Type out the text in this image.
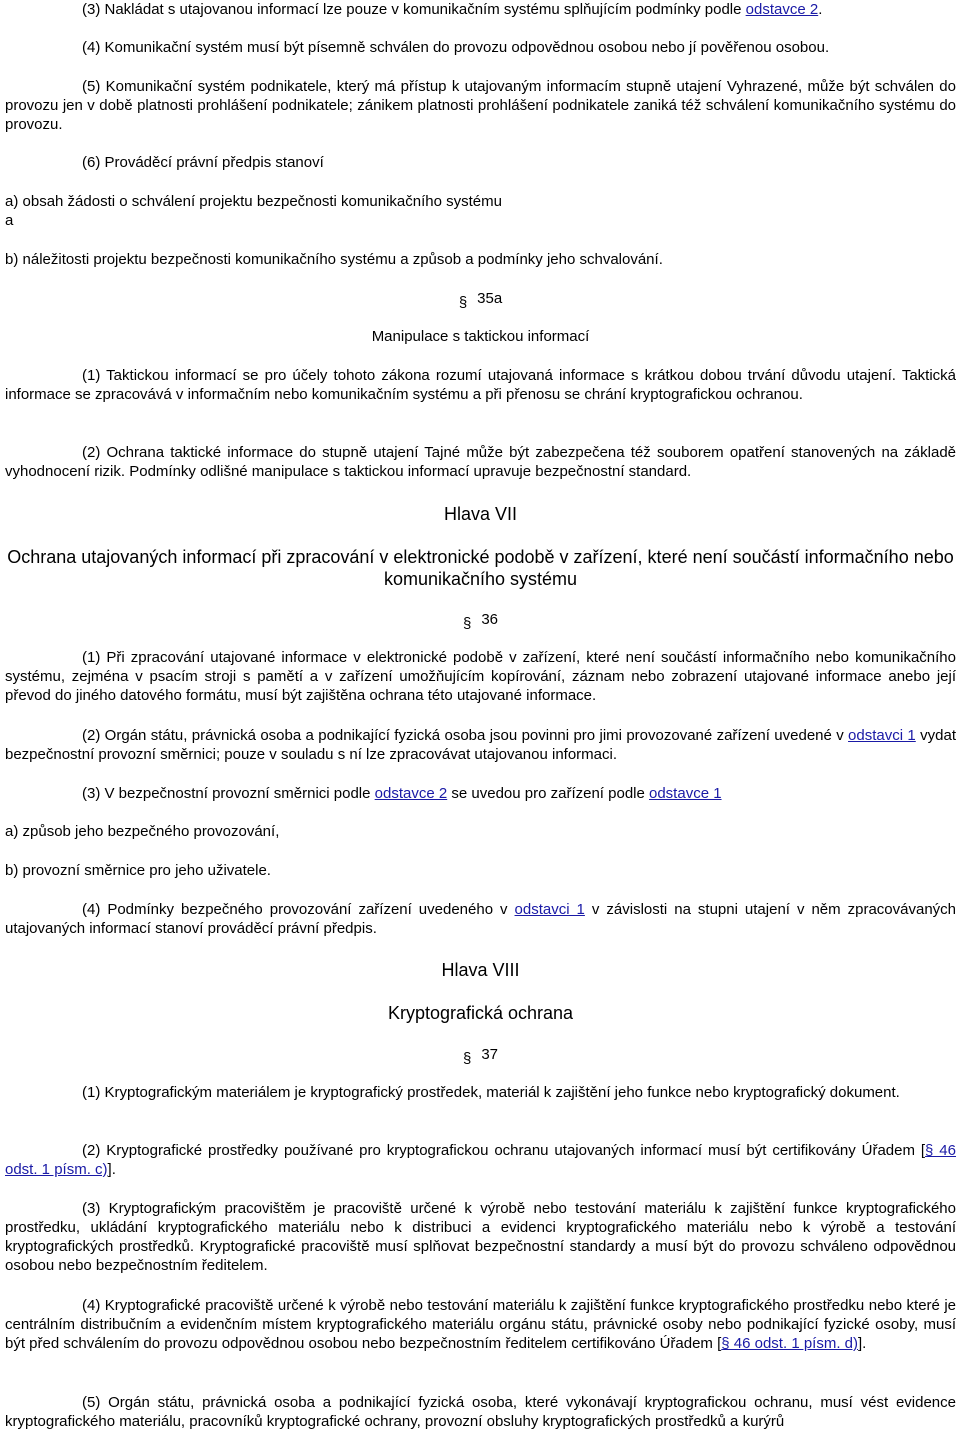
(3) Nakládat s utajovanou informací lze pouze v komunikačním systému splňujícím podmínky podle odstavce 2.

(4) Komunikační systém musí být písemně schválen do provozu odpovědnou osobou nebo jí pověřenou osobou.

(5) Komunikační systém podnikatele, který má přístup k utajovaným informacím stupně utajení Vyhrazené, může být schválen do provozu jen v době platnosti prohlášení podnikatele; zánikem platnosti prohlášení podnikatele zaniká též schválení komunikačního systému do provozu.

(6) Prováděcí právní předpis stanoví

a) obsah žádosti o schválení projektu bezpečnosti komunikačního systému

a

b) náležitosti projektu bezpečnosti komunikačního systému a způsob a podmínky jeho schvalování.

§ 35a

Manipulace s taktickou informací

(1) Taktickou informací se pro účely tohoto zákona rozumí utajovaná informace s krátkou dobou trvání důvodu utajení. Taktická informace se zpracovává v informačním nebo komunikačním systému a při přenosu se chrání kryptografickou ochranou.

(2) Ochrana taktické informace do stupně utajení Tajné může být zabezpečena též souborem opatření stanovených na základě vyhodnocení rizik. Podmínky odlišné manipulace s taktickou informací upravuje bezpečnostní standard.

Hlava VII

Ochrana utajovaných informací při zpracování v elektronické podobě v zařízení, které není součástí informačního nebo komunikačního systému

§ 36

(1) Při zpracování utajované informace v elektronické podobě v zařízení, které není součástí informačního nebo komunikačního systému, zejména v psacím stroji s pamětí a v zařízení umožňujícím kopírování, záznam nebo zobrazení utajované informace anebo její převod do jiného datového formátu, musí být zajištěna ochrana této utajované informace.

(2) Orgán státu, právnická osoba a podnikající fyzická osoba jsou povinni pro jimi provozované zařízení uvedené v odstavci 1 vydat bezpečnostní provozní směrnici; pouze v souladu s ní lze zpracovávat utajovanou informaci.

(3) V bezpečnostní provozní směrnici podle odstavce 2 se uvedou pro zařízení podle odstavce 1

a) způsob jeho bezpečného provozování,

b) provozní směrnice pro jeho uživatele.

(4) Podmínky bezpečného provozování zařízení uvedeného v odstavci 1 v závislosti na stupni utajení v něm zpracovávaných utajovaných informací stanoví prováděcí právní předpis.

Hlava VIII

Kryptografická ochrana

§ 37

(1) Kryptografickým materiálem je kryptografický prostředek, materiál k zajištění jeho funkce nebo kryptografický dokument.

(2) Kryptografické prostředky používané pro kryptografickou ochranu utajovaných informací musí být certifikovány Úřadem [§ 46 odst. 1 písm. c)].

(3) Kryptografickým pracovištěm je pracoviště určené k výrobě nebo testování materiálu k zajištění funkce kryptografického prostředku, ukládání kryptografického materiálu nebo k distribuci a evidenci kryptografického materiálu nebo k výrobě a testování kryptografických prostředků. Kryptografické pracoviště musí splňovat bezpečnostní standardy a musí být do provozu schváleno odpovědnou osobou nebo bezpečnostním ředitelem.

(4) Kryptografické pracoviště určené k výrobě nebo testování materiálu k zajištění funkce kryptografického prostředku nebo které je centrálním distribučním a evidenčním místem kryptografického materiálu orgánu státu, právnické osoby nebo podnikající fyzické osoby, musí být před schválením do provozu odpovědnou osobou nebo bezpečnostním ředitelem certifikováno Úřadem [§ 46 odst. 1 písm. d)].

(5) Orgán státu, právnická osoba a podnikající fyzická osoba, které vykonávají kryptografickou ochranu, musí vést evidence kryptografického materiálu, pracovníků kryptografické ochrany, provozní obsluhy kryptografických prostředků a kurýrů
